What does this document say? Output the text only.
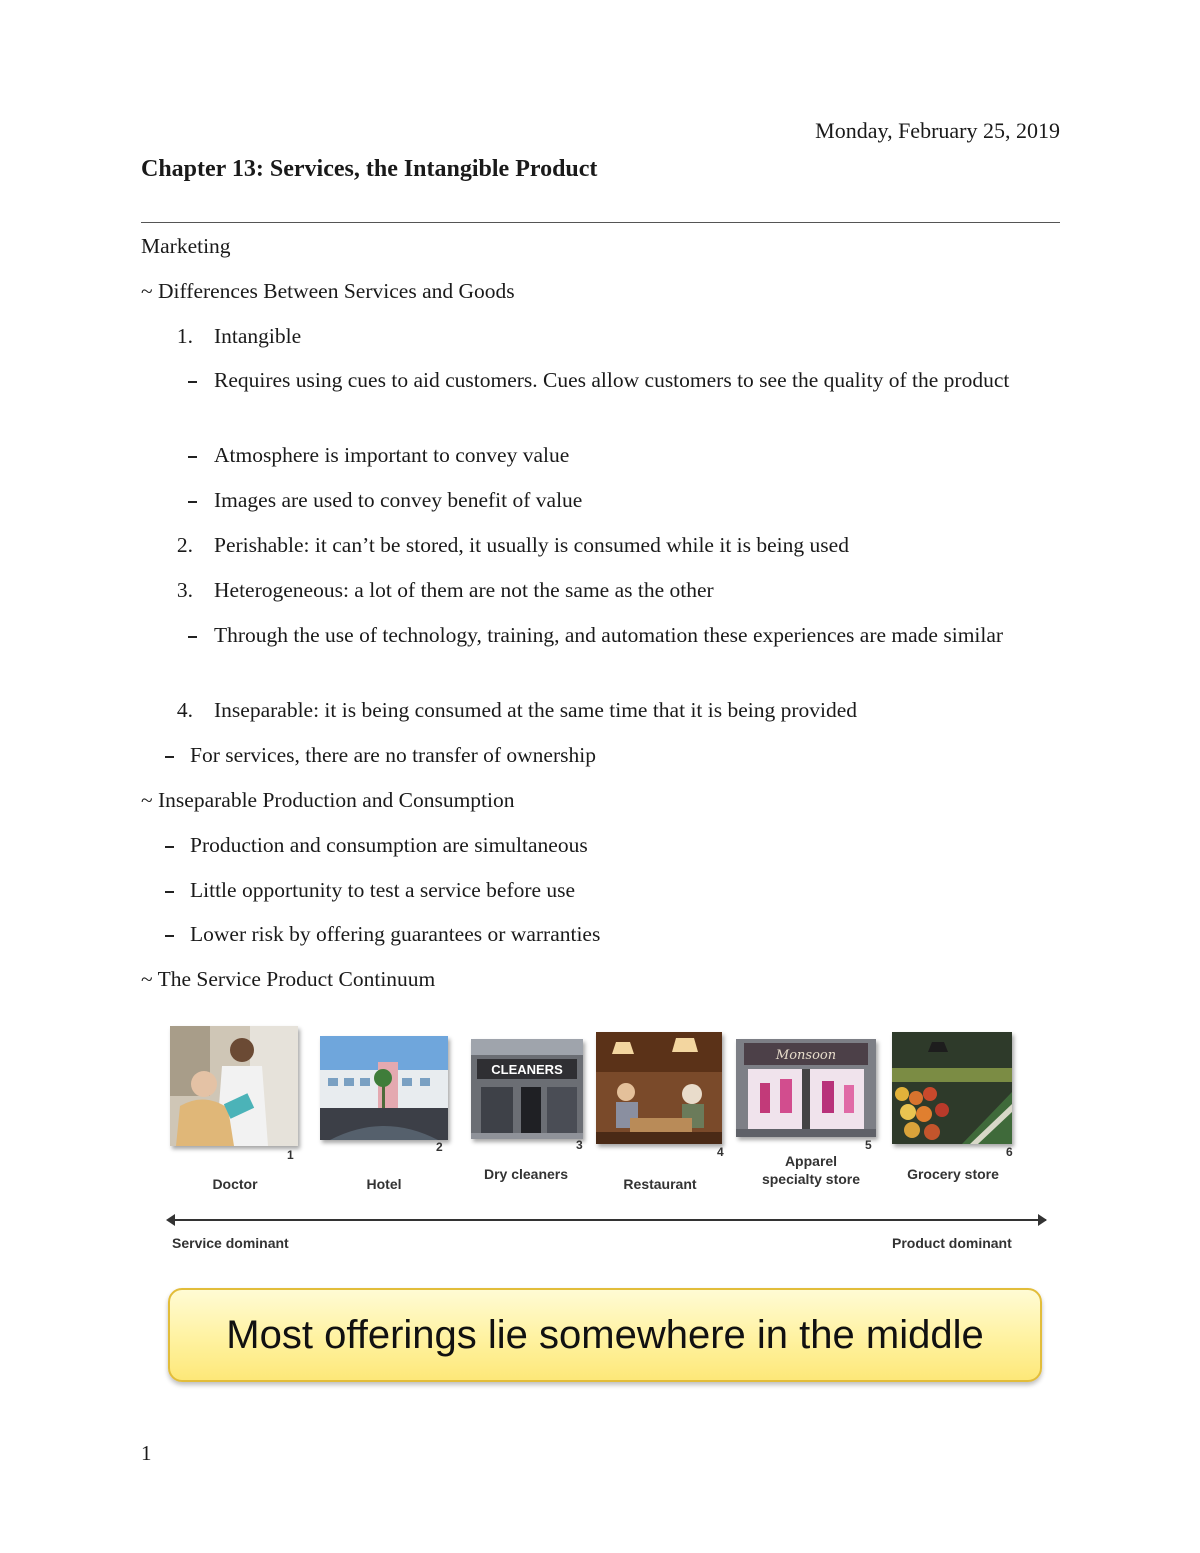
Monday, February 25, 2019
Chapter 13: Services, the Intangible Product
Marketing
~ Differences Between Services and Goods
1. Intangible
Requires using cues to aid customers. Cues allow customers to see the quality of the product
Atmosphere is important to convey value
Images are used to convey benefit of value
2. Perishable: it can’t be stored, it usually is consumed while it is being used
3. Heterogeneous: a lot of them are not the same as the other
Through the use of technology, training, and automation these experiences are made similar
4. Inseparable: it is being consumed at the same time that it is being provided
For services, there are no transfer of ownership
~ Inseparable Production and Consumption
Production and consumption are simultaneous
Little opportunity to test a service before use
Lower risk by offering guarantees or warranties
~ The Service Product Continuum
1
Doctor
2
Hotel
CLEANERS
3
Dry cleaners
4
Restaurant
Monsoon
5
Apparel specialty store
6
Grocery store
Service dominant	Product dominant
Most offerings lie somewhere in the middle
1
